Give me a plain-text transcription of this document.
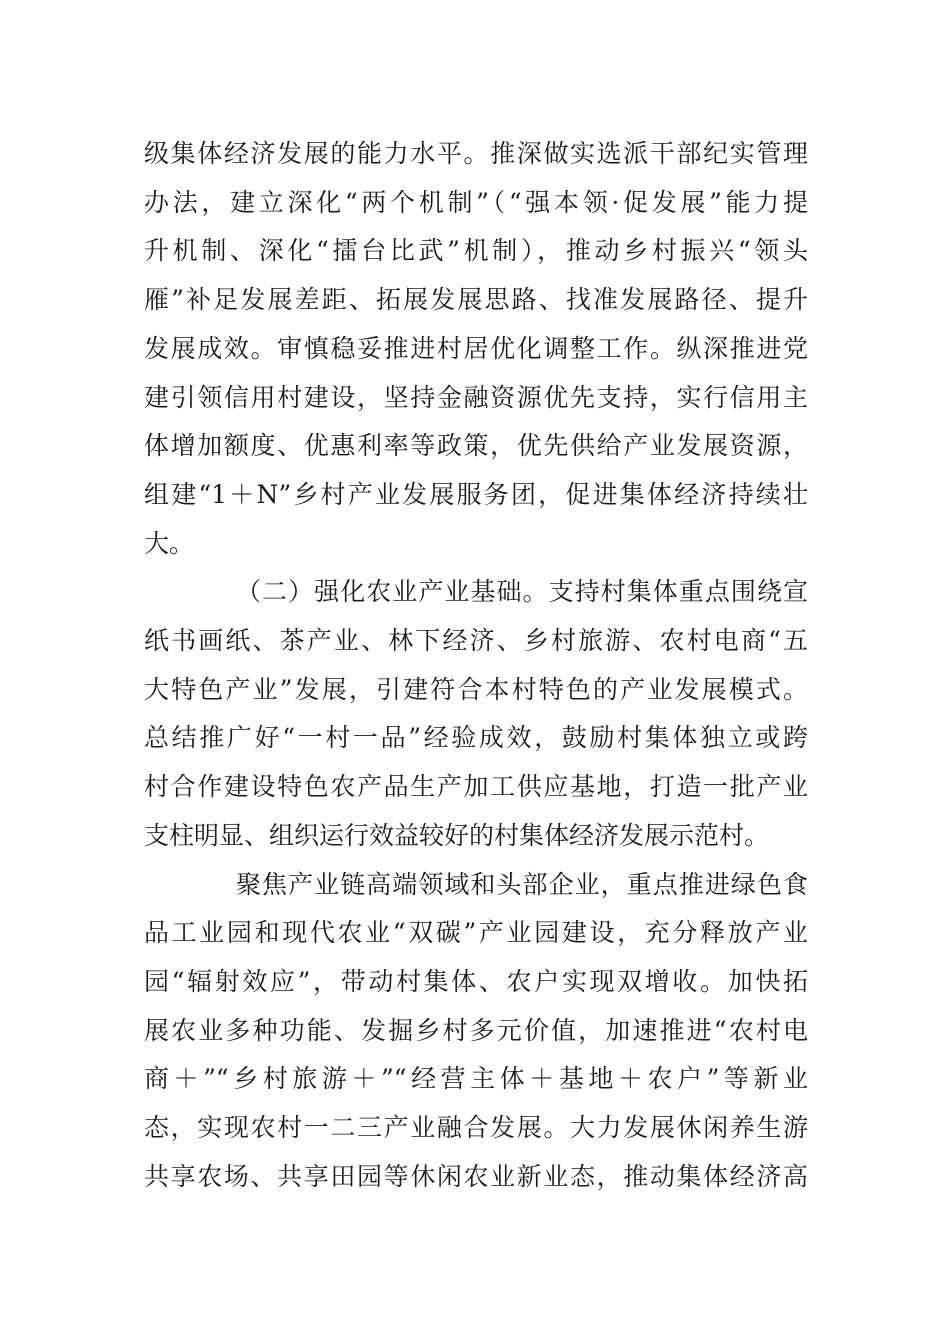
级集体经济发展的能力水平。推深做实选派干部纪实管理
办法，建立深化“两个机制”（“强本领·促发展”能力提
升机制、深化“擂台比武”机制），推动乡村振兴“领头
雁”补足发展差距、拓展发展思路、找准发展路径、提升
发展成效。审慎稳妥推进村居优化调整工作。纵深推进党
建引领信用村建设，坚持金融资源优先支持，实行信用主
体增加额度、优惠利率等政策，优先供给产业发展资源，
组建“1＋N”乡村产业发展服务团，促进集体经济持续壮
大。
（二）强化农业产业基础。支持村集体重点围绕宣
纸书画纸、茶产业、林下经济、乡村旅游、农村电商“五
大特色产业”发展，引建符合本村特色的产业发展模式。
总结推广好“一村一品”经验成效，鼓励村集体独立或跨
村合作建设特色农产品生产加工供应基地，打造一批产业
支柱明显、组织运行效益较好的村集体经济发展示范村。
聚焦产业链高端领域和头部企业，重点推进绿色食
品工业园和现代农业“双碳”产业园建设，充分释放产业
园“辐射效应”，带动村集体、农户实现双增收。加快拓
展农业多种功能、发掘乡村多元价值，加速推进“农村电
商＋”“乡村旅游＋”“经营主体＋基地＋农户”等新业
态，实现农村一二三产业融合发展。大力发展休闲养生游
共享农场、共享田园等休闲农业新业态，推动集体经济高
